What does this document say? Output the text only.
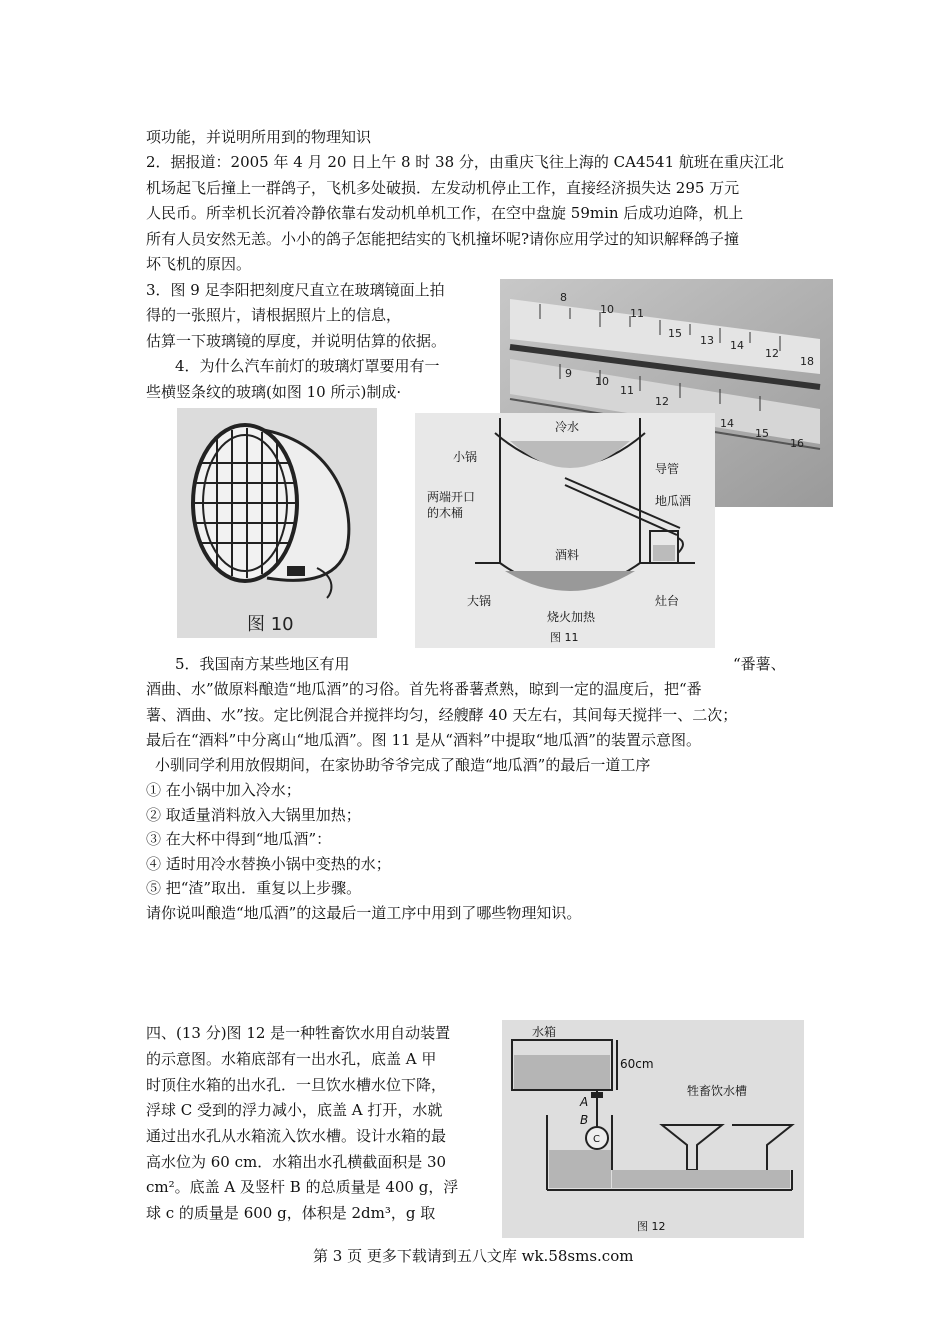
项功能，并说明所用到的物理知识
2．据报道：2005 年 4 月 20 日上午 8 时 38 分，由重庆飞往上海的 CA4541 航班在重庆江北
机场起飞后撞上一群鸽子，飞机多处破损．左发动机停止工作，直接经济损失达 295 万元
人民币。所幸机长沉着冷静依靠右发动机单机工作，在空中盘旋 59min 后成功迫降，机上
所有人员安然无恙。小小的鸽子怎能把结实的飞机撞坏呢?请你应用学过的知识解释鸽子撞
坏飞机的原因。
3．图 9 足李阳把刻度尺直立在玻璃镜面上拍
得的一张照片，请根据照片上的信息，
估算一下玻璃镜的厚度，并说明估算的依据。
4．为什么汽车前灯的玻璃灯罩要用有一
些横竖条纹的玻璃(如图 10 所示)制成·
5．我国南方某些地区有用	“番薯、
酒曲、水”做原料酿造“地瓜酒”的习俗。首先将番薯煮熟，晾到一定的温度后，把“番
薯、酒曲、水”按。定比例混合并搅拌均匀，经艘酵 40 天左右，其间每天搅拌一、二次；
最后在“酒料”中分离山“地瓜酒”。图 11 是从“酒料”中提取“地瓜酒”的装置示意图。
小驯同学利用放假期间，在家协助爷爷完成了酿造“地瓜酒”的最后一道工序
① 在小锅中加入冷水；
② 取适量消料放入大锅里加热；
③ 在大杯中得到“地瓜酒”：
④ 适时用冷水替换小锅中变热的水；
⑤ 把“渣”取出．重复以上步骤。
请你说叫酿造“地瓜酒”的这最后一道工序中用到了哪些物理知识。
四、(13 分)图 12 是一种牲畜饮水用自动装置
的示意图。水箱底部有一出水孔，底盖 A 甲
时顶住水箱的出水孔．一旦饮水槽水位下降，
浮球 C 受到的浮力减小，底盖 A 打开，水就
通过出水孔从水箱流入饮水槽。设计水箱的最
高水位为 60 cm．水箱出水孔横截面积是 30
cm²。底盖 A 及竖杆 B 的总质量是 400 g，浮
球 c 的质量是 600 g，体积是 2dm³，g 取
第 3 页 更多下载请到五八文库 wk.58sms.com
8
10 11
15
13 14
12
18
9
10
11
12
14
15
16
图 10
冷水
小锅
导管
两端开口
的木桶
地瓜酒
酒料
大锅	灶台
烧火加热
图 11
水箱
60cm
牲畜饮水槽
A
B
C
图 12
